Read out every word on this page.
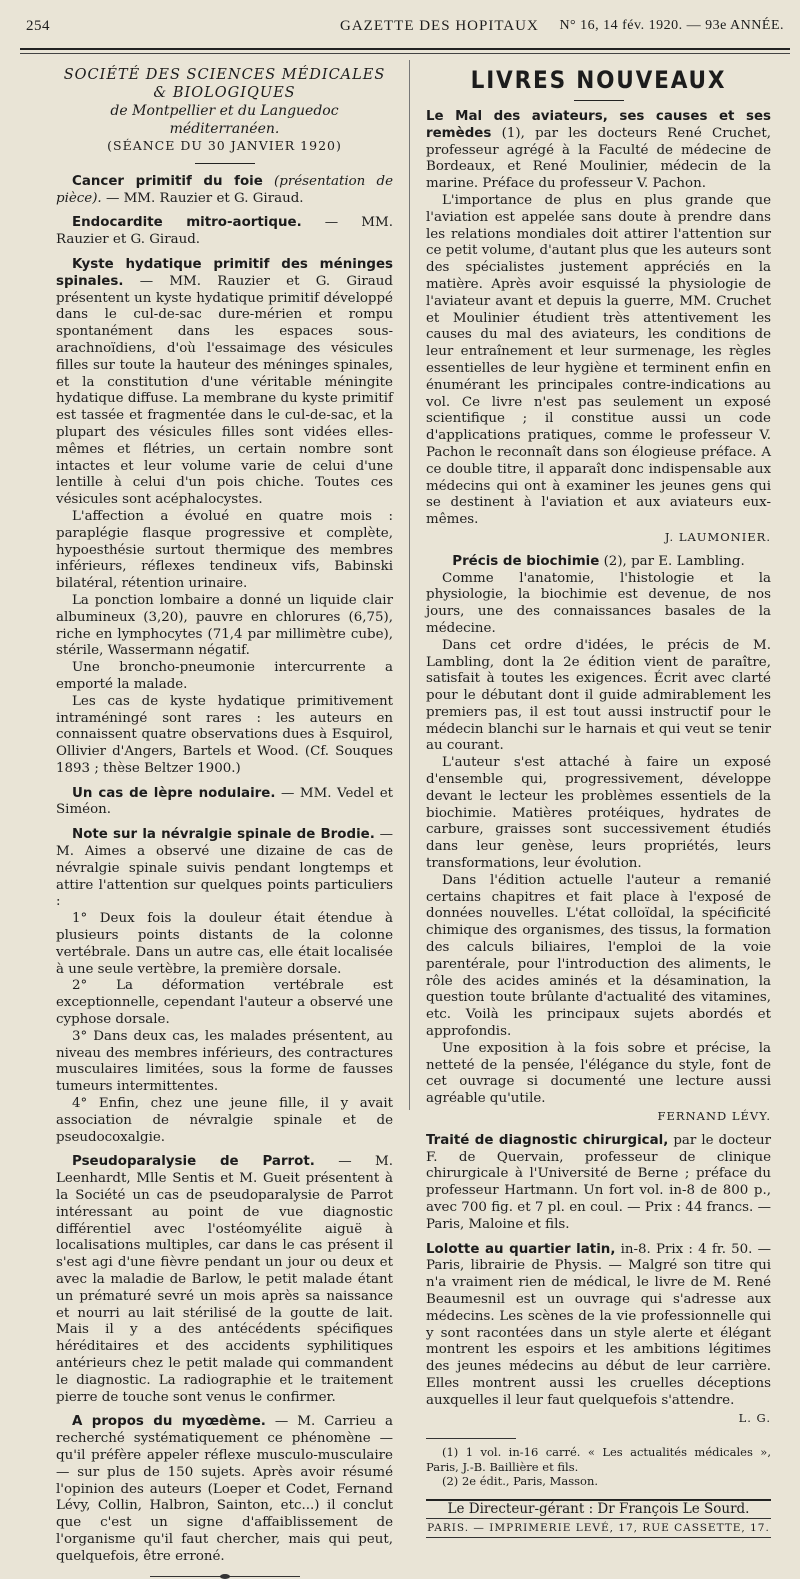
254	GAZETTE DES HOPITAUX N° 16, 14 fév. 1920. — 93e ANNÉE.

SOCIÉTÉ DES SCIENCES MÉDICALES & BIOLOGIQUES

de Montpellier et du Languedoc méditerranéen.

(SÉANCE DU 30 JANVIER 1920)

Cancer primitif du foie (présentation de pièce). — MM. Rauzier et G. Giraud.

Endocardite mitro-aortique. — MM. Rauzier et G. Giraud.

Kyste hydatique primitif des méninges spinales. — MM. Rauzier et G. Giraud présentent un kyste hydatique primitif développé dans le cul-de-sac dure-mérien et rompu spontanément dans les espaces sous-arachnoïdiens, d'où l'essaimage des vésicules filles sur toute la hauteur des méninges spinales, et la constitution d'une véritable méningite hydatique diffuse. La membrane du kyste primitif est tassée et fragmentée dans le cul-de-sac, et la plupart des vésicules filles sont vidées elles-mêmes et flétries, un certain nombre sont intactes et leur volume varie de celui d'une lentille à celui d'un pois chiche. Toutes ces vésicules sont acéphalocystes.

L'affection a évolué en quatre mois : paraplégie flasque progressive et complète, hypoesthésie surtout thermique des membres inférieurs, réflexes tendineux vifs, Babinski bilatéral, rétention urinaire.

La ponction lombaire a donné un liquide clair albumineux (3,20), pauvre en chlorures (6,75), riche en lymphocytes (71,4 par millimètre cube), stérile, Wassermann négatif.

Une broncho-pneumonie intercurrente a emporté la malade.

Les cas de kyste hydatique primitivement intraméningé sont rares : les auteurs en connaissent quatre observations dues à Esquirol, Ollivier d'Angers, Bartels et Wood. (Cf. Souques 1893 ; thèse Beltzer 1900.)

Un cas de lèpre nodulaire. — MM. Vedel et Siméon.

Note sur la névralgie spinale de Brodie. — M. Aimes a observé une dizaine de cas de névralgie spinale suivis pendant longtemps et attire l'attention sur quelques points particuliers :

1° Deux fois la douleur était étendue à plusieurs points distants de la colonne vertébrale. Dans un autre cas, elle était localisée à une seule vertèbre, la première dorsale.

2° La déformation vertébrale est exceptionnelle, cependant l'auteur a observé une cyphose dorsale.

3° Dans deux cas, les malades présentent, au niveau des membres inférieurs, des contractures musculaires limitées, sous la forme de fausses tumeurs intermittentes.

4° Enfin, chez une jeune fille, il y avait association de névralgie spinale et de pseudocoxalgie.

Pseudoparalysie de Parrot. — M. Leenhardt, Mlle Sentis et M. Gueit présentent à la Société un cas de pseudoparalysie de Parrot intéressant au point de vue diagnostic différentiel avec l'ostéomyélite aiguë à localisations multiples, car dans le cas présent il s'est agi d'une fièvre pendant un jour ou deux et avec la maladie de Barlow, le petit malade étant un prématuré sevré un mois après sa naissance et nourri au lait stérilisé de la goutte de lait. Mais il y a des antécédents spécifiques héréditaires et des accidents syphilitiques antérieurs chez le petit malade qui commandent le diagnostic. La radiographie et le traitement pierre de touche sont venus le confirmer.

A propos du myœdème. — M. Carrieu a recherché systématiquement ce phénomène — qu'il préfère appeler réflexe musculo-musculaire — sur plus de 150 sujets. Après avoir résumé l'opinion des auteurs (Loeper et Codet, Fernand Lévy, Collin, Halbron, Sainton, etc...) il conclut que c'est un signe d'affaiblissement de l'organisme qu'il faut chercher, mais qui peut, quelquefois, être erroné.

LIVRES NOUVEAUX

Le Mal des aviateurs, ses causes et ses remèdes (1), par les docteurs René Cruchet, professeur agrégé à la Faculté de médecine de Bordeaux, et René Moulinier, médecin de la marine. Préface du professeur V. Pachon.

L'importance de plus en plus grande que l'aviation est appelée sans doute à prendre dans les relations mondiales doit attirer l'attention sur ce petit volume, d'autant plus que les auteurs sont des spécialistes justement appréciés en la matière. Après avoir esquissé la physiologie de l'aviateur avant et depuis la guerre, MM. Cruchet et Moulinier étudient très attentivement les causes du mal des aviateurs, les conditions de leur entraînement et leur surmenage, les règles essentielles de leur hygiène et terminent enfin en énumérant les principales contre-indications au vol. Ce livre n'est pas seulement un exposé scientifique ; il constitue aussi un code d'applications pratiques, comme le professeur V. Pachon le reconnaît dans son élogieuse préface. A ce double titre, il apparaît donc indispensable aux médecins qui ont à examiner les jeunes gens qui se destinent à l'aviation et aux aviateurs eux-mêmes.

J. LAUMONIER.

Précis de biochimie (2), par E. Lambling.

Comme l'anatomie, l'histologie et la physiologie, la biochimie est devenue, de nos jours, une des connaissances basales de la médecine.

Dans cet ordre d'idées, le précis de M. Lambling, dont la 2e édition vient de paraître, satisfait à toutes les exigences. Écrit avec clarté pour le débutant dont il guide admirablement les premiers pas, il est tout aussi instructif pour le médecin blanchi sur le harnais et qui veut se tenir au courant.

L'auteur s'est attaché à faire un exposé d'ensemble qui, progressivement, développe devant le lecteur les problèmes essentiels de la biochimie. Matières protéiques, hydrates de carbure, graisses sont successivement étudiés dans leur genèse, leurs propriétés, leurs transformations, leur évolution.

Dans l'édition actuelle l'auteur a remanié certains chapitres et fait place à l'exposé de données nouvelles. L'état colloïdal, la spécificité chimique des organismes, des tissus, la formation des calculs biliaires, l'emploi de la voie parentérale, pour l'introduction des aliments, le rôle des acides aminés et la désamination, la question toute brûlante d'actualité des vitamines, etc. Voilà les principaux sujets abordés et approfondis.

Une exposition à la fois sobre et précise, la netteté de la pensée, l'élégance du style, font de cet ouvrage si documenté une lecture aussi agréable qu'utile.

FERNAND LÉVY.

Traité de diagnostic chirurgical, par le docteur F. de Quervain, professeur de clinique chirurgicale à l'Université de Berne ; préface du professeur Hartmann. Un fort vol. in-8 de 800 p., avec 700 fig. et 7 pl. en coul. — Prix : 44 francs. — Paris, Maloine et fils.

Lolotte au quartier latin, in-8. Prix : 4 fr. 50. — Paris, librairie de Physis. — Malgré son titre qui n'a vraiment rien de médical, le livre de M. René Beaumesnil est un ouvrage qui s'adresse aux médecins. Les scènes de la vie professionnelle qui y sont racontées dans un style alerte et élégant montrent les espoirs et les ambitions légitimes des jeunes médecins au début de leur carrière. Elles montrent aussi les cruelles déceptions auxquelles il leur faut quelquefois s'attendre.

L. G.

(1) 1 vol. in-16 carré. « Les actualités médicales », Paris, J.-B. Baillière et fils.

(2) 2e édit., Paris, Masson.

Le Directeur-gérant : Dr François Le Sourd.

PARIS. — IMPRIMERIE LEVÉ, 17, RUE CASSETTE, 17.
